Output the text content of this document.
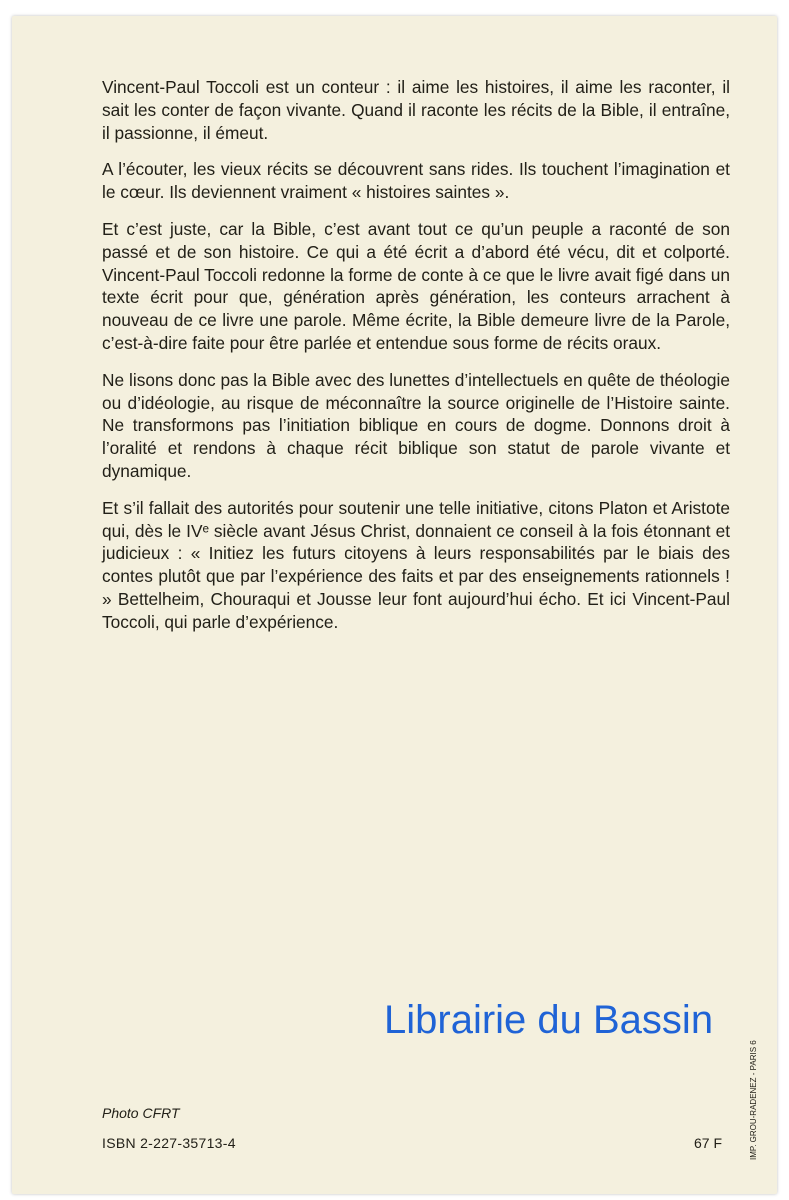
Vincent-Paul Toccoli est un conteur : il aime les histoires, il aime les raconter, il sait les conter de façon vivante. Quand il raconte les récits de la Bible, il entraîne, il passionne, il émeut.

A l’écouter, les vieux récits se découvrent sans rides. Ils touchent l’imagination et le cœur. Ils deviennent vraiment « histoires saintes ».

Et c’est juste, car la Bible, c’est avant tout ce qu’un peuple a raconté de son passé et de son histoire. Ce qui a été écrit a d’abord été vécu, dit et colporté. Vincent-Paul Toccoli redonne la forme de conte à ce que le livre avait figé dans un texte écrit pour que, génération après génération, les conteurs arrachent à nouveau de ce livre une parole. Même écrite, la Bible demeure livre de la Parole, c’est-à-dire faite pour être parlée et entendue sous forme de récits oraux.

Ne lisons donc pas la Bible avec des lunettes d’intellectuels en quête de théologie ou d’idéologie, au risque de méconnaître la source originelle de l’Histoire sainte. Ne transformons pas l’initiation biblique en cours de dogme. Donnons droit à l’oralité et rendons à chaque récit biblique son statut de parole vivante et dynamique.

Et s’il fallait des autorités pour soutenir une telle initiative, citons Platon et Aristote qui, dès le IVᵉ siècle avant Jésus Christ, donnaient ce conseil à la fois étonnant et judicieux : « Initiez les futurs citoyens à leurs responsabilités par le biais des contes plutôt que par l’expérience des faits et par des enseignements rationnels ! » Bettelheim, Chouraqui et Jousse leur font aujourd’hui écho. Et ici Vincent-Paul Toccoli, qui parle d’expérience.

Librairie du Bassin
Photo CFRT
ISBN 2-227-35713-4	67 F	IMP. GROU-RADENEZ - PARIS 6
